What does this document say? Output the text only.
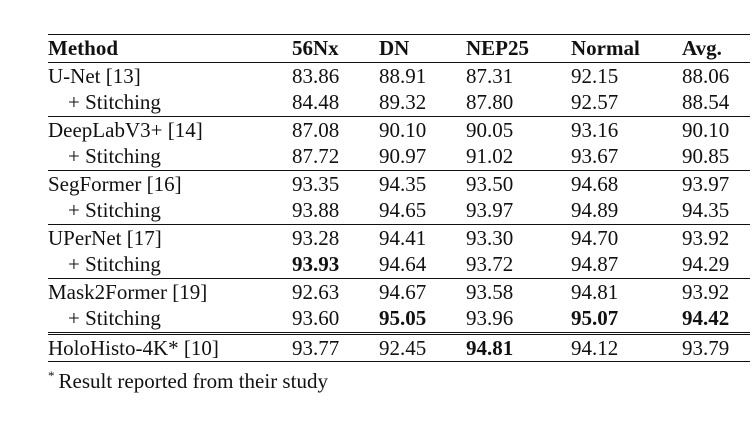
Method	56Nx	DN	NEP25	Normal	Avg.
U-Net [13]	83.86	88.91	87.31	92.15	88.06
+ Stitching	84.48	89.32	87.80	92.57	88.54
DeepLabV3+ [14]	87.08	90.10	90.05	93.16	90.10
+ Stitching	87.72	90.97	91.02	93.67	90.85
SegFormer [16]	93.35	94.35	93.50	94.68	93.97
+ Stitching	93.88	94.65	93.97	94.89	94.35
UPerNet [17]	93.28	94.41	93.30	94.70	93.92
+ Stitching	93.93	94.64	93.72	94.87	94.29
Mask2Former [19]	92.63	94.67	93.58	94.81	93.92
+ Stitching	93.60	95.05	93.96	95.07	94.42
HoloHisto-4K* [10]	93.77	92.45	94.81	94.12	93.79
* Result reported from their study
